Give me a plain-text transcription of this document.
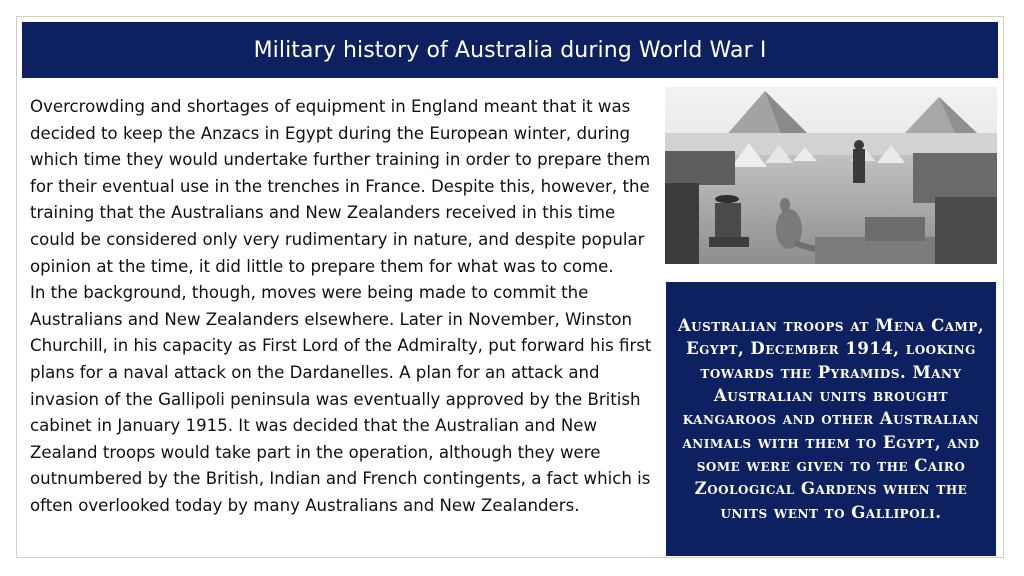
Military history of Australia during World War I

Overcrowding and shortages of equipment in England meant that it was decided to keep the Anzacs in Egypt during the European winter, during which time they would undertake further training in order to prepare them for their eventual use in the trenches in France. Despite this, however, the training that the Australians and New Zealanders received in this time could be considered only very rudimentary in nature, and despite popular opinion at the time, it did little to prepare them for what was to come.

In the background, though, moves were being made to commit the Australians and New Zealanders elsewhere. Later in November, Winston Churchill, in his capacity as First Lord of the Admiralty, put forward his first plans for a naval attack on the Dardanelles. A plan for an attack and invasion of the Gallipoli peninsula was eventually approved by the British cabinet in January 1915. It was decided that the Australian and New Zealand troops would take part in the operation, although they were outnumbered by the British, Indian and French contingents, a fact which is often overlooked today by many Australians and New Zealanders.

Australian troops at Mena Camp, Egypt, December 1914, looking towards the Pyramids. Many Australian units brought kangaroos and other Australian animals with them to Egypt, and some were given to the Cairo Zoological Gardens when the units went to Gallipoli.
